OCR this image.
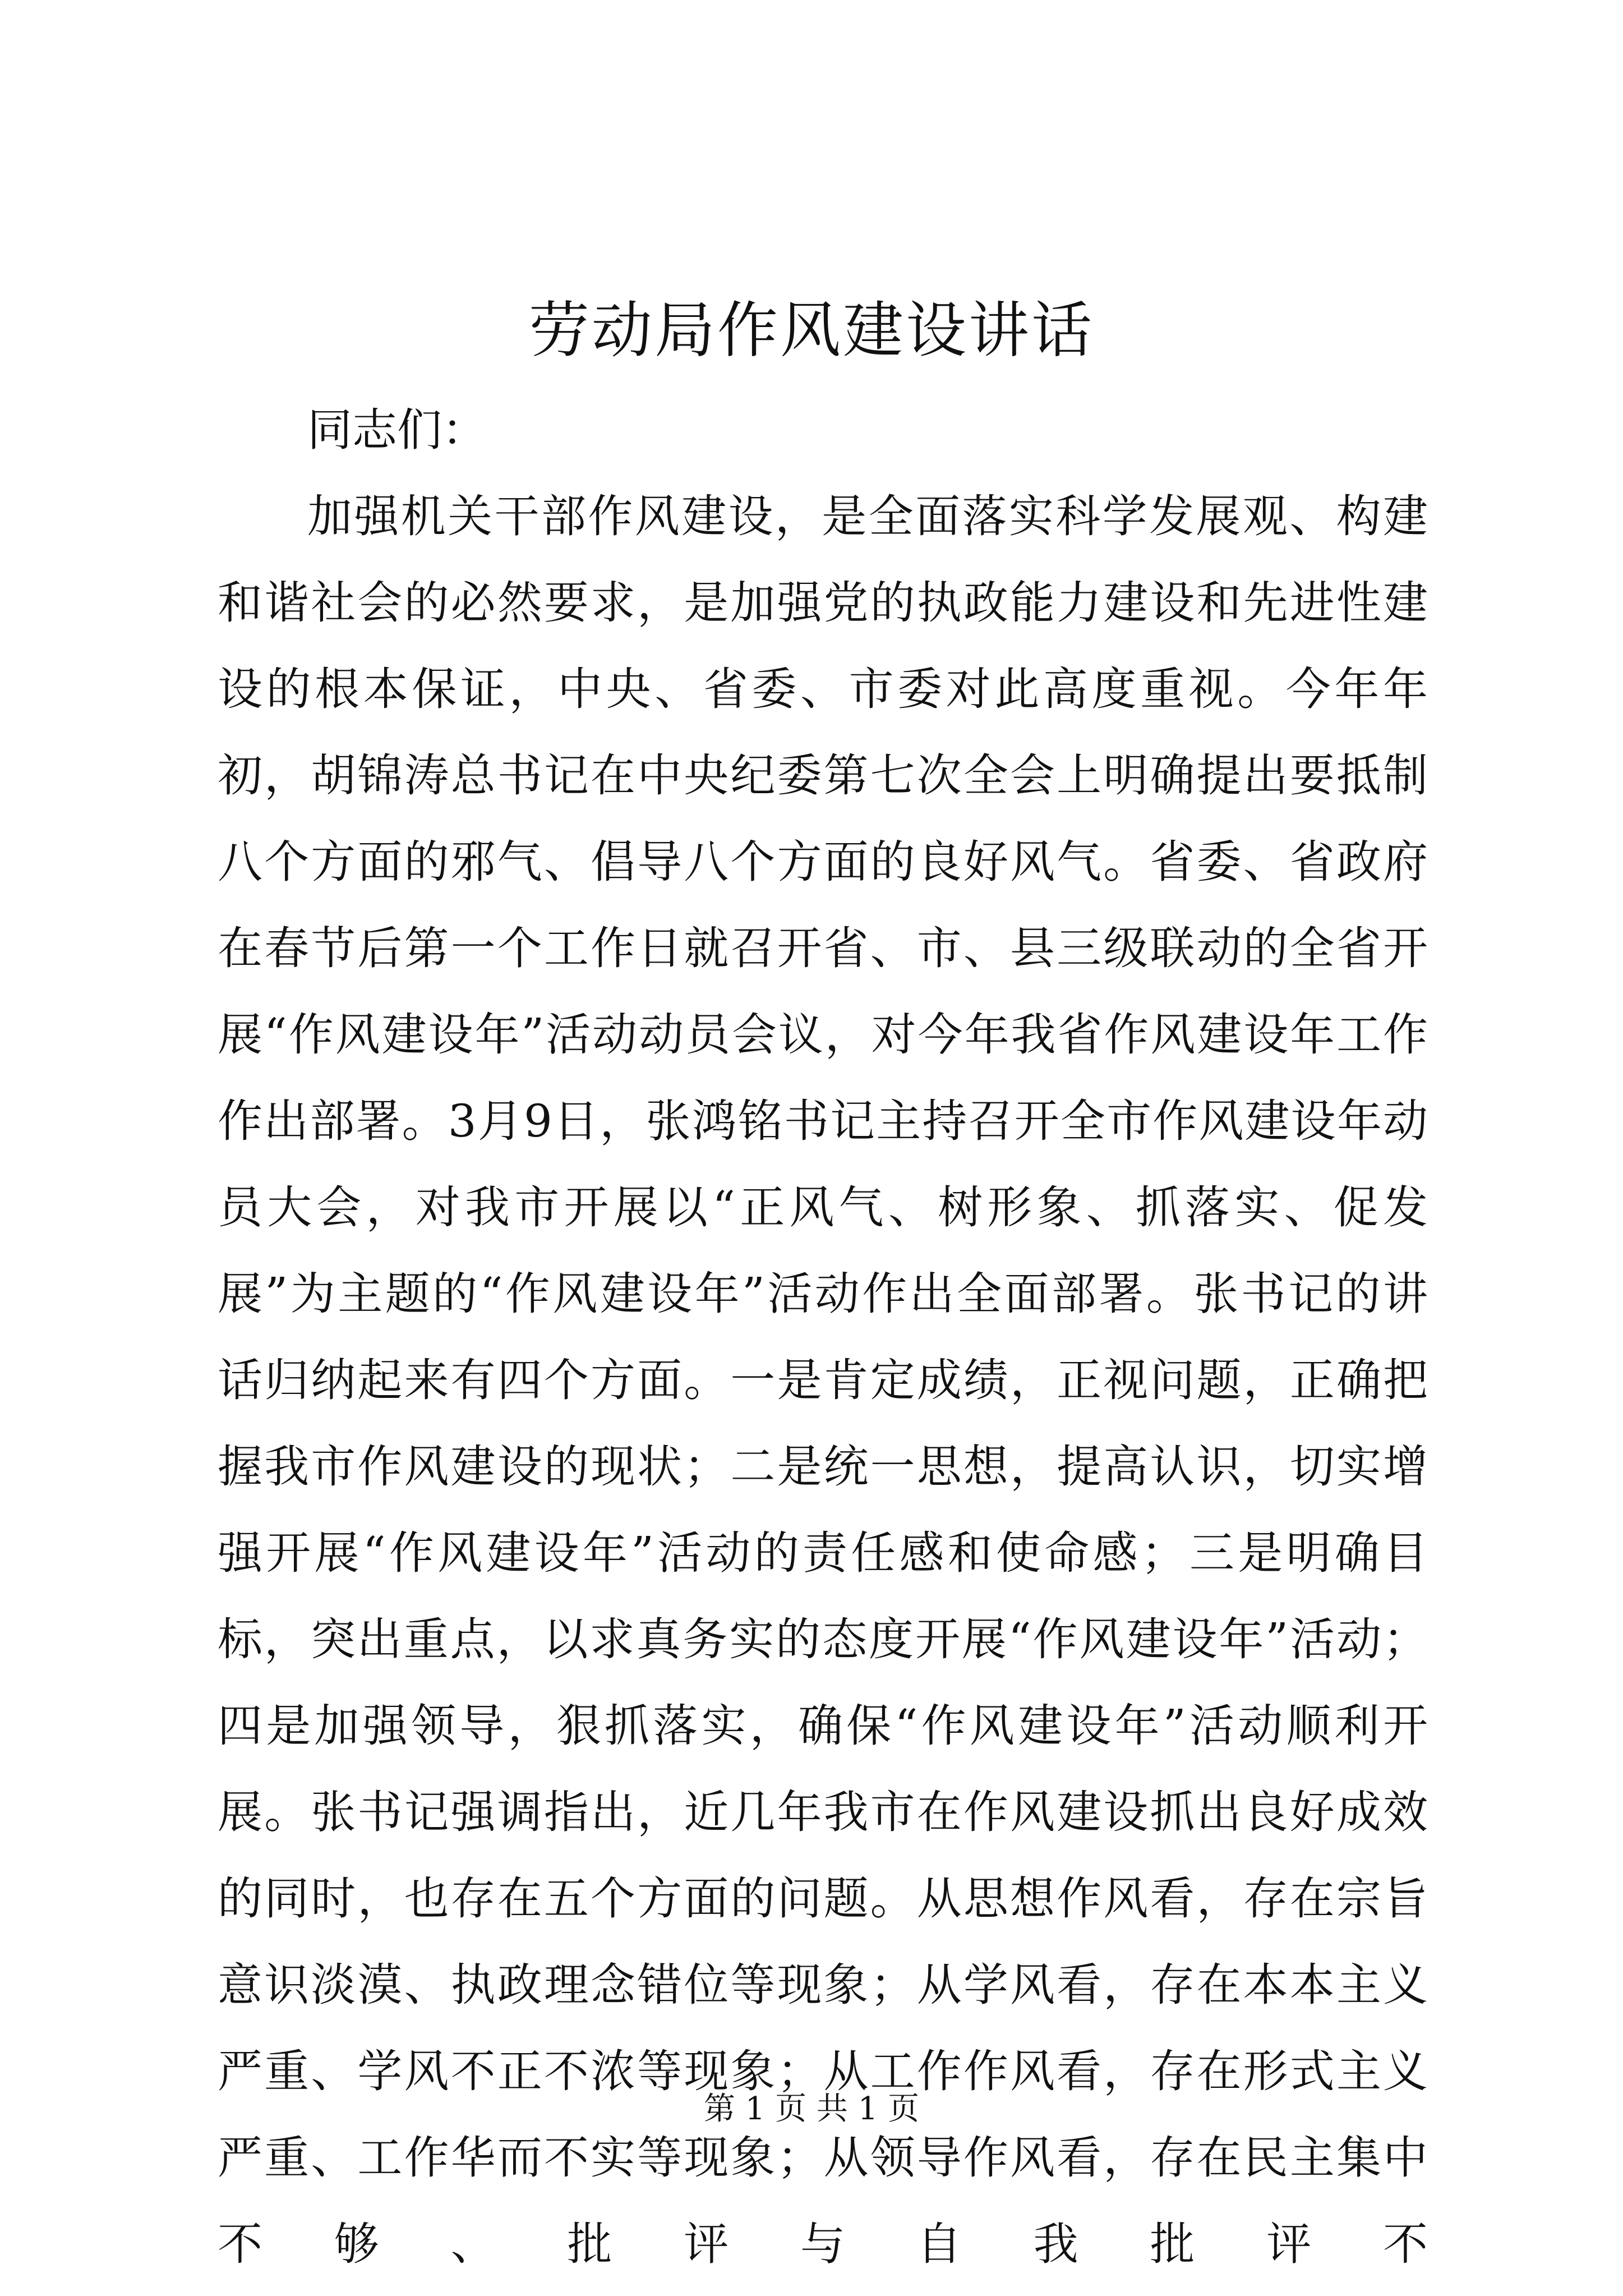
劳动局作风建设讲话

同志们：

加强机关干部作风建设，是全面落实科学发展观、构建和谐社会的必然要求，是加强党的执政能力建设和先进性建设的根本保证，中央、省委、市委对此高度重视。今年年初，胡锦涛总书记在中央纪委第七次全会上明确提出要抵制八个方面的邪气、倡导八个方面的良好风气。省委、省政府在春节后第一个工作日就召开省、市、县三级联动的全省开展“作风建设年”活动动员会议，对今年我省作风建设年工作作出部署。3月9日，张鸿铭书记主持召开全市作风建设年动员大会，对我市开展以“正风气、树形象、抓落实、促发展”为主题的“作风建设年”活动作出全面部署。张书记的讲话归纳起来有四个方面。一是肯定成绩，正视问题，正确把握我市作风建设的现状；二是统一思想，提高认识，切实增强开展“作风建设年”活动的责任感和使命感；三是明确目标，突出重点，以求真务实的态度开展“作风建设年”活动；四是加强领导，狠抓落实，确保“作风建设年”活动顺利开展。张书记强调指出，近几年我市在作风建设抓出良好成效的同时，也存在五个方面的问题。从思想作风看，存在宗旨意识淡漠、执政理念错位等现象；从学风看，存在本本主义严重、学风不正不浓等现象；从工作作风看，存在形式主义严重、工作华而不实等现象；从领导作风看，存在民主集中不够、批评与自我批评不

第 1 页 共 1 页
